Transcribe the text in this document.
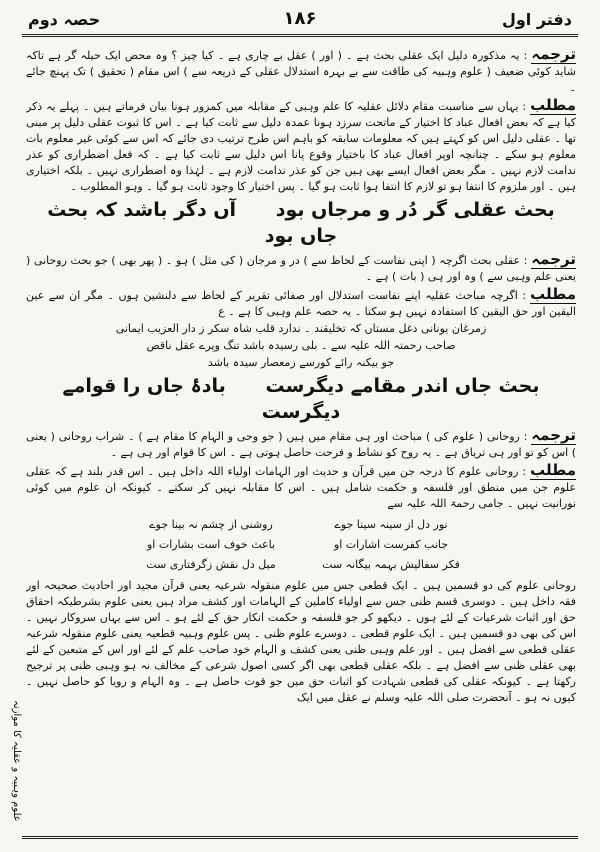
دفتر اول
۱۸۶
حصہ دوم

ترجمہ: یہ مذکورہ دلیل ایک عقلی بحث ہے ۔ ( اور ) عقل بے چاری ہے ۔ کیا چیز ؟ وہ محض ایک حیلہ گر ہے تاکہ شاید کوئی ضعیف ( علوم وہبیہ کی طاقت سے بے بہرہ استدلال عقلی کے ذریعہ سے ) اس مقام ( تحقیق ) تک پہنچ جائے ۔

مطلب: یہاں سے مناسبت مقام دلائل عقلیہ کا علم وہبی کے مقابلہ میں کمزور ہونا بیان فرماتے ہیں ۔ پہلے یہ ذکر کیا ہے کہ بعض افعال عباد کا اختیار کے ماتحت سرزد ہونا عمدہ دلیل سے ثابت کیا ہے ۔ اس کا ثبوت عقلی دلیل پر مبنی تھا ۔ عقلی دلیل اس کو کہتے ہیں کہ معلومات سابقہ کو باہم اس طرح ترتیب دی جائے کہ اس سے کوئی غیر معلوم بات معلوم ہو سکے ۔ چنانچہ اوپر افعال عباد کا باختیار وقوع پانا اس دلیل سے ثابت کیا ہے ۔ کہ فعل اضطراری کو عذر ندامت لازم نہیں ۔ مگر بعض افعال ایسے بھی ہیں جن کو عذر ندامت لازم ہے ۔ لہٰذا وہ اضطراری نہیں ۔ بلکہ اختیاری ہیں ۔ اور ملزوم کا انتفا ہو تو لازم کا انتفا ہوا ثابت ہو گیا ۔ پس اختیار کا وجود ثابت ہو گیا ۔ وہو المطلوب ۔

بحث عقلی گر دُر و مرجاں بود      آں دگر باشد کہ بحث جاں بود

ترجمہ: عقلی بحث اگرچہ ( اپنی نفاست کے لحاظ سے ) در و مرجان ( کی مثل ) ہو ۔ ( پھر بھی ) جو بحث روحانی ( یعنی علم وہبی سے ) وہ اور ہی ( بات ) ہے ۔

مطلب: اگرچہ مباحث عقلیہ اپنے نفاست استدلال اور صفائی تقریر کے لحاظ سے دلنشین ہوں ۔ مگر ان سے عین الیقین اور حق الیقین کا استفادہ نہیں ہو سکتا ۔ یہ حصہ علم وہبی کا ہے ۔ ع

زمرغان یونانی دغل مستاں کہ تخلیقند ۔ ندارد قلب شاہ سکر ز دار العزیب ایمانی
صاحب رحمتہ اللہ علیہ سے ۔ بلی رسیدہ باشد تنگ وپرے عقل ناقص
جو بیکنہ رائے کورسے زمعصار سیدہ باشد
بحث جاں اندر مقامے دیگرست      بادۂ جاں را قوامے دیگرست

ترجمہ: روحانی ( علوم کی ) مباحث اور ہی مقام میں ہیں ( جو وحی و الہام کا مقام ہے ) ۔ شراب روحانی ( یعنی ) اس کو تو اور ہی تریاق ہے ۔ یہ روح کو نشاط و فرحت حاصل ہوتی ہے ۔ اس کا قوام اور ہی ہے ۔

مطلب: روحانی علوم کا درجہ جن میں قرآن و حدیث اور الہامات اولیاء اللہ داخل ہیں ۔ اس قدر بلند ہے کہ عقلی علوم جن میں منطق اور فلسفہ و حکمت شامل ہیں ۔ اس کا مقابلہ نہیں کر سکتے ۔ کیونکہ ان علوم میں کوئی نورانیت نہیں ۔ جامی رحمۃ اللہ علیہ سے

نور دل از سینہ سینا جوے
روشنی از چشم نہ بینا جوے
جانب کفرست اشارات او
باعث خوف است بشارات او
فکر سفالیش بہمہ بیگانہ ست
میل دل نقش زگرفتاری ست

روحانی علوم کی دو قسمیں ہیں ۔ ایک قطعی جس میں علوم منقولہ شرعیہ یعنی قرآن مجید اور احادیث صحیحہ اور فقہ داخل ہیں ۔ دوسری قسم ظنی جس سے اولیاء کاملین کے الہامات اور کشف مراد ہیں یعنی علوم بشرطیکہ احقاق حق اور اثبات شرعیات کے لئے ہوں ۔ دیکھو کر جو فلسفہ و حکمت انکار حق کے لئے ہو ۔ اس سے یہاں سروکار نہیں ۔ اس کی بھی دو قسمیں ہیں ۔ ایک علوم قطعی ۔ دوسرے علوم ظنی ۔ پس علوم وہبیہ قطعیہ یعنی علوم منقولہ شرعیہ عقلی قطعی سے افضل ہیں ۔ اور علم وہبی ظنی یعنی کشف و الہام خود صاحب علم کے لئے اور اس کے متبعین کے لئے بھی عقلی ظنی سے افضل ہے ۔ بلکہ عقلی قطعی بھی اگر کسی اصول شرعی کے مخالف نہ ہو وہبی ظنی پر ترجیح رکھتا ہے ۔ کیونکہ عقلی کی قطعی شہادت کو اثبات حق میں جو قوت حاصل ہے ۔ وہ الہام و رویا کو حاصل نہیں ۔ کیوں نہ ہو ۔ آنحضرت صلی اللہ علیہ وسلم نے عقل میں ایک

علوم وہبیہ و عقلیہ کا موازنہ
